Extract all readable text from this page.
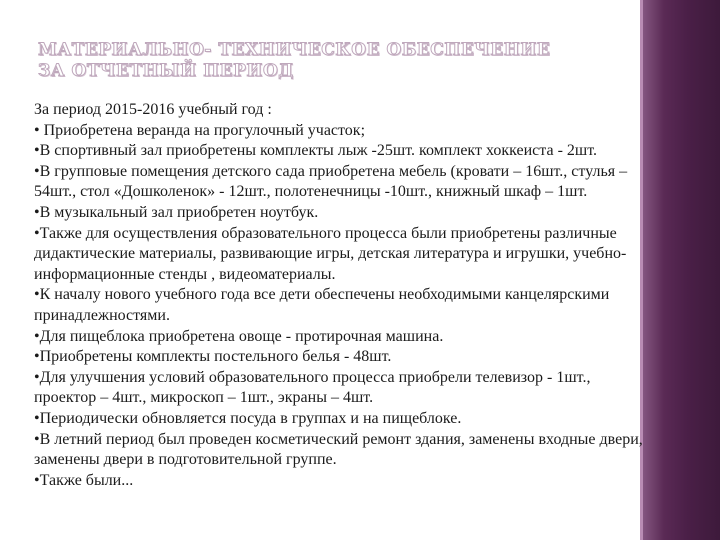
МАТЕРИАЛЬНО- ТЕХНИЧЕСКОЕ ОБЕСПЕЧЕНИЕ
ЗА ОТЧЕТНЫЙ ПЕРИОД

За период 2015-2016 учебный год :

• Приобретена веранда на прогулочный участок;

•В спортивный зал приобретены комплекты лыж -25шт. комплект хоккеиста - 2шт.

•В групповые помещения детского сада приобретена мебель (кровати – 16шт., стулья – 54шт., стол «Дошколенок» - 12шт., полотенечницы -10шт., книжный шкаф – 1шт.

•В музыкальный зал приобретен ноутбук.

•Также для осуществления образовательного процесса были приобретены различные дидактические материалы, развивающие игры, детская литература и игрушки, учебно-информационные стенды , видеоматериалы.

•К началу нового учебного года все дети обеспечены необходимыми канцелярскими принадлежностями.

•Для пищеблока приобретена овоще - протирочная машина.

•Приобретены комплекты постельного белья - 48шт.

•Для улучшения условий образовательного процесса приобрели телевизор - 1шт., проектор – 4шт., микроскоп – 1шт., экраны – 4шт.

•Периодически обновляется посуда в группах и на пищеблоке.

•В летний период был проведен косметический ремонт здания, заменены входные двери, заменены двери в подготовительной группе.

•Также были...
